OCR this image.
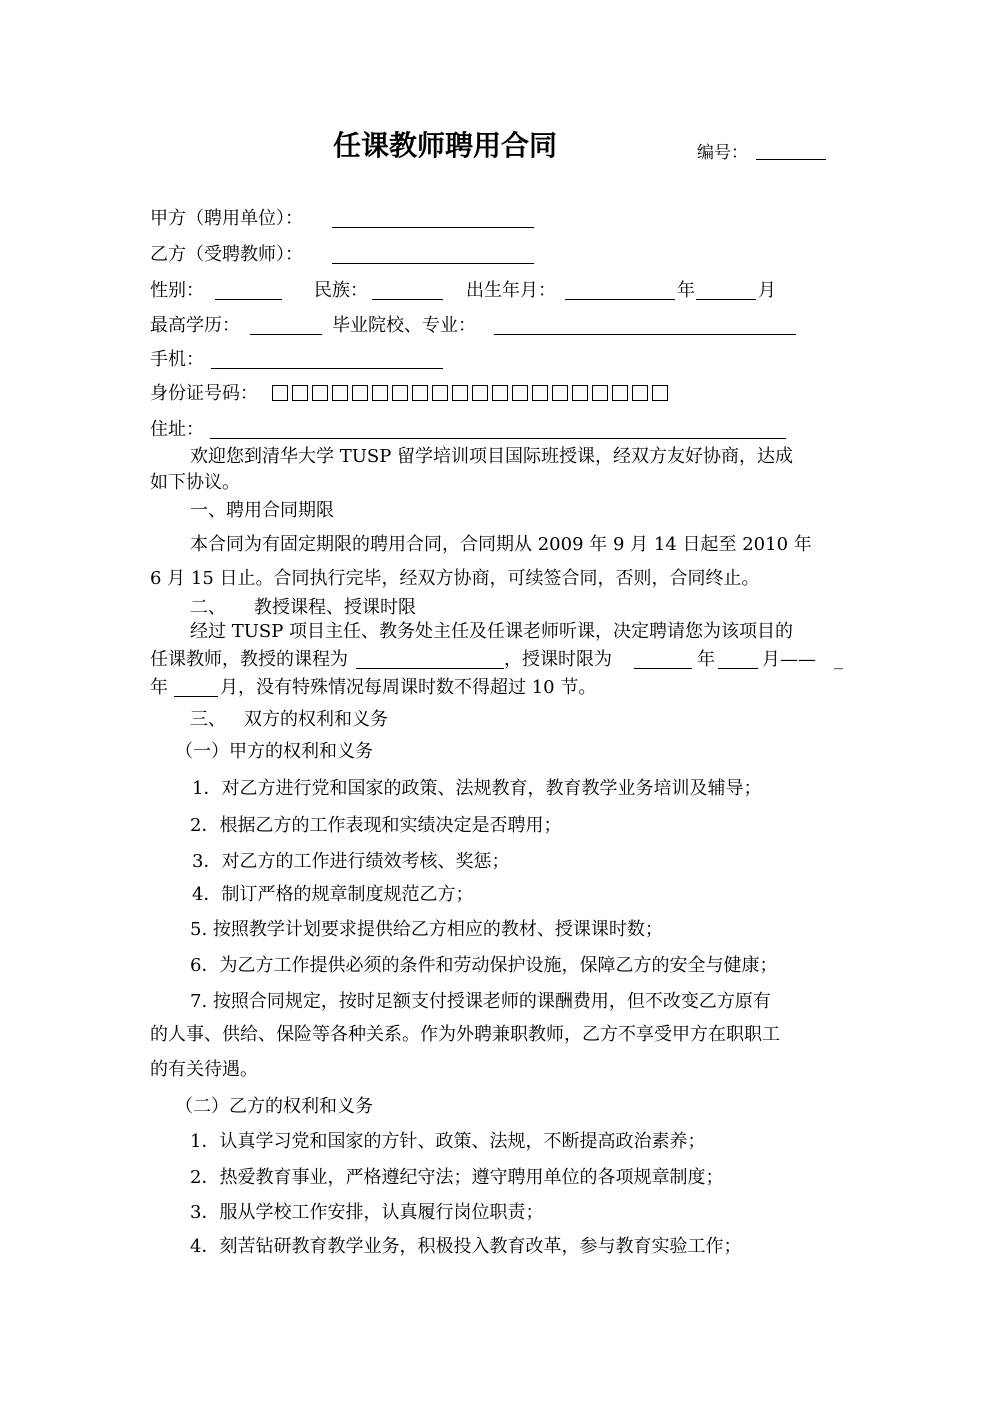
任课教师聘用合同	编号：
甲方（聘用单位）：
乙方（受聘教师）：
性别：	民族：	出生年月：	年	月
最高学历：	毕业院校、专业：
手机：
身份证号码：
住址：
欢迎您到清华大学 TUSP 留学培训项目国际班授课，经双方友好协商，达成
如下协议。
一、聘用合同期限
本合同为有固定期限的聘用合同，合同期从 2009 年 9 月 14 日起至 2010 年
6 月 15 日止。合同执行完毕，经双方协商，可续签合同，否则，合同终止。
二、 教授课程、授课时限
经过 TUSP 项目主任、教务处主任及任课老师听课，决定聘请您为该项目的
任课教师，教授的课程为	，授课时限为	年	月—— _
年	月，没有特殊情况每周课时数不得超过 10 节。
三、 双方的权利和义务
（一）甲方的权利和义务
1．对乙方进行党和国家的政策、法规教育，教育教学业务培训及辅导；
2．根据乙方的工作表现和实绩决定是否聘用；
3．对乙方的工作进行绩效考核、奖惩；
4．制订严格的规章制度规范乙方；
5. 按照教学计划要求提供给乙方相应的教材、授课课时数；
6．为乙方工作提供必须的条件和劳动保护设施，保障乙方的安全与健康；
7. 按照合同规定，按时足额支付授课老师的课酬费用，但不改变乙方原有
的人事、供给、保险等各种关系。作为外聘兼职教师，乙方不享受甲方在职职工
的有关待遇。
（二）乙方的权利和义务
1．认真学习党和国家的方针、政策、法规，不断提高政治素养；
2．热爱教育事业，严格遵纪守法；遵守聘用单位的各项规章制度；
3．服从学校工作安排，认真履行岗位职责；
4．刻苦钻研教育教学业务，积极投入教育改革，参与教育实验工作；
